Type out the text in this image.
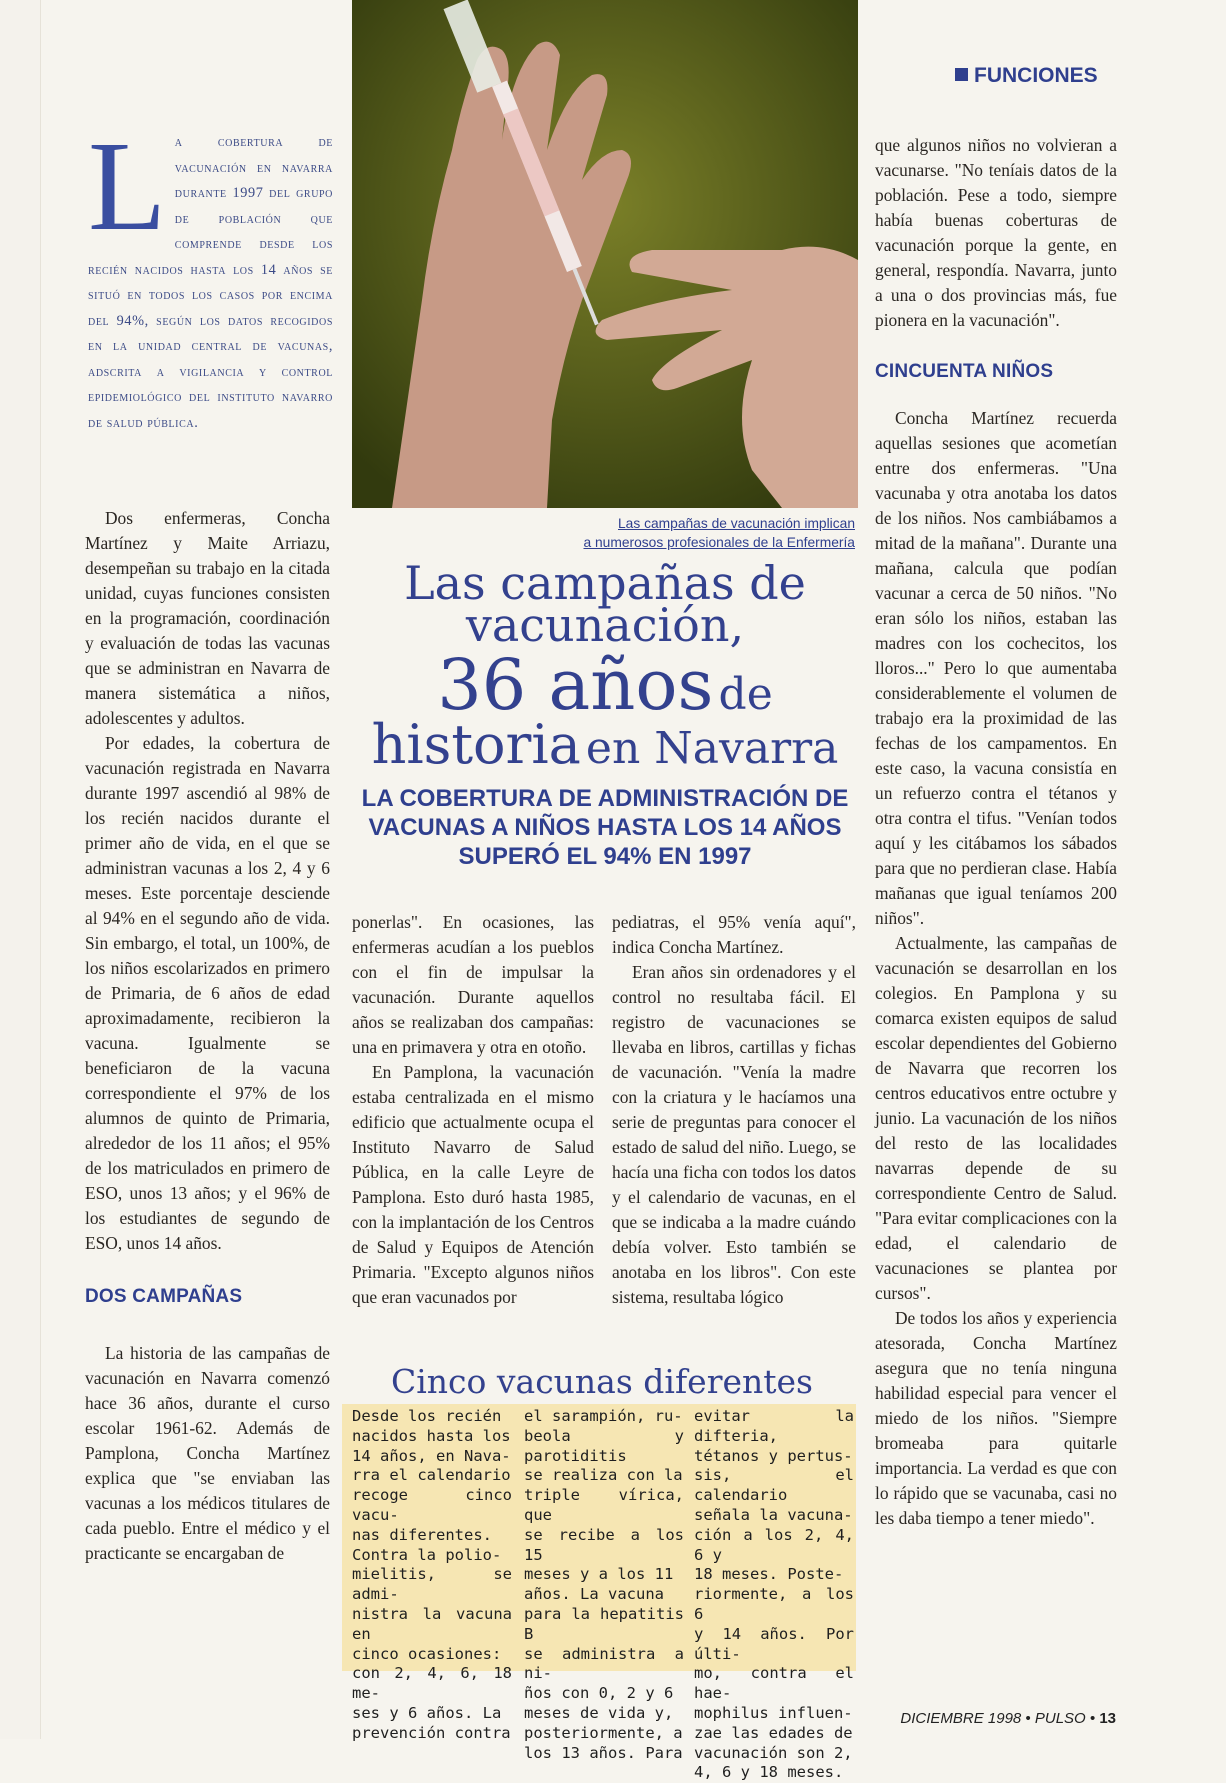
FUNCIONES
L a cobertura de vacunación en navarra durante 1997 del grupo de población que comprende desde los recién nacidos hasta los 14 años se situó en todos los casos por encima del 94%, según los datos recogidos en la unidad central de vacunas, adscrita a vigilancia y control epidemiológico del instituto navarro de salud pública.

Dos enfermeras, Concha Martínez y Maite Arriazu, desempeñan su trabajo en la citada unidad, cuyas funciones consisten en la programación, coordinación y evaluación de todas las vacunas que se administran en Navarra de manera sistemática a niños, adolescentes y adultos.

Por edades, la cobertura de vacunación registrada en Navarra durante 1997 ascendió al 98% de los recién nacidos durante el primer año de vida, en el que se administran vacunas a los 2, 4 y 6 meses. Este porcentaje desciende al 94% en el segundo año de vida. Sin embargo, el total, un 100%, de los niños escolarizados en primero de Primaria, de 6 años de edad aproximadamente, recibieron la vacuna. Igualmente se beneficiaron de la vacuna correspondiente el 97% de los alumnos de quinto de Primaria, alrededor de los 11 años; el 95% de los matriculados en primero de ESO, unos 13 años; y el 96% de los estudiantes de segundo de ESO, unos 14 años.

DOS CAMPAÑAS

La historia de las campañas de vacunación en Navarra comenzó hace 36 años, durante el curso escolar 1961-62. Además de Pamplona, Concha Martínez explica que "se enviaban las vacunas a los médicos titulares de cada pueblo. Entre el médico y el practicante se encargaban de

Las campañas de vacunación implican
a numerosos profesionales de la Enfermería
Las campañas de
vacunación,
36 años de
historia en Navarra
LA COBERTURA DE ADMINISTRACIÓN DE VACUNAS A NIÑOS HASTA LOS 14 AÑOS SUPERÓ EL 94% EN 1997

ponerlas". En ocasiones, las enfermeras acudían a los pueblos con el fin de impulsar la vacunación. Durante aquellos años se realizaban dos campañas: una en primavera y otra en otoño.

En Pamplona, la vacunación estaba centralizada en el mismo edificio que actualmente ocupa el Instituto Navarro de Salud Pública, en la calle Leyre de Pamplona. Esto duró hasta 1985, con la implantación de los Centros de Salud y Equipos de Atención Primaria. "Excepto algunos niños que eran vacunados por

pediatras, el 95% venía aquí", indica Concha Martínez.

Eran años sin ordenadores y el control no resultaba fácil. El registro de vacunaciones se llevaba en libros, cartillas y fichas de vacunación. "Venía la madre con la criatura y le hacíamos una serie de preguntas para conocer el estado de salud del niño. Luego, se hacía una ficha con todos los datos y el calendario de vacunas, en el que se indicaba a la madre cuándo debía volver. Esto también se anotaba en los libros". Con este sistema, resultaba lógico

que algunos niños no volvieran a vacunarse. "No teníais datos de la población. Pese a todo, siempre había buenas coberturas de vacunación porque la gente, en general, respondía. Navarra, junto a una o dos provincias más, fue pionera en la vacunación".

CINCUENTA NIÑOS

Concha Martínez recuerda aquellas sesiones que acometían entre dos enfermeras. "Una vacunaba y otra anotaba los datos de los niños. Nos cambiábamos a mitad de la mañana". Durante una mañana, calcula que podían vacunar a cerca de 50 niños. "No eran sólo los niños, estaban las madres con los cochecitos, los lloros..." Pero lo que aumentaba considerablemente el volumen de trabajo era la proximidad de las fechas de los campamentos. En este caso, la vacuna consistía en un refuerzo contra el tétanos y otra contra el tifus. "Venían todos aquí y les citábamos los sábados para que no perdieran clase. Había mañanas que igual teníamos 200 niños".

Actualmente, las campañas de vacunación se desarrollan en los colegios. En Pamplona y su comarca existen equipos de salud escolar dependientes del Gobierno de Navarra que recorren los centros educativos entre octubre y junio. La vacunación de los niños del resto de las localidades navarras depende de su correspondiente Centro de Salud. "Para evitar complicaciones con la edad, el calendario de vacunaciones se plantea por cursos".

De todos los años y experiencia atesorada, Concha Martínez asegura que no tenía ninguna habilidad especial para vencer el miedo de los niños. "Siempre bromeaba para quitarle importancia. La verdad es que con lo rápido que se vacunaba, casi no les daba tiempo a tener miedo".

Cinco vacunas diferentes
Desde los recién
nacidos hasta los
14 años, en Nava-
rra el calendario
recoge cinco vacu-
nas diferentes.
Contra la polio-
mielitis, se admi-
nistra la vacuna en
cinco ocasiones:
con 2, 4, 6, 18 me-
ses y 6 años. La
prevención contra
el sarampión, ru-
beola y parotiditis
se realiza con la
triple vírica, que
se recibe a los 15
meses y a los 11
años. La vacuna
para la hepatitis B
se administra a ni-
ños con 0, 2 y 6
meses de vida y,
posteriormente, a
los 13 años. Para
evitar la difteria,
tétanos y pertus-
sis, el calendario
señala la vacuna-
ción a los 2, 4, 6 y
18 meses. Poste-
riormente, a los 6
y 14 años. Por últi-
mo, contra el hae-
mophilus influen-
zae las edades de
vacunación son 2,
4, 6 y 18 meses.
DICIEMBRE 1998 • PULSO • 13
